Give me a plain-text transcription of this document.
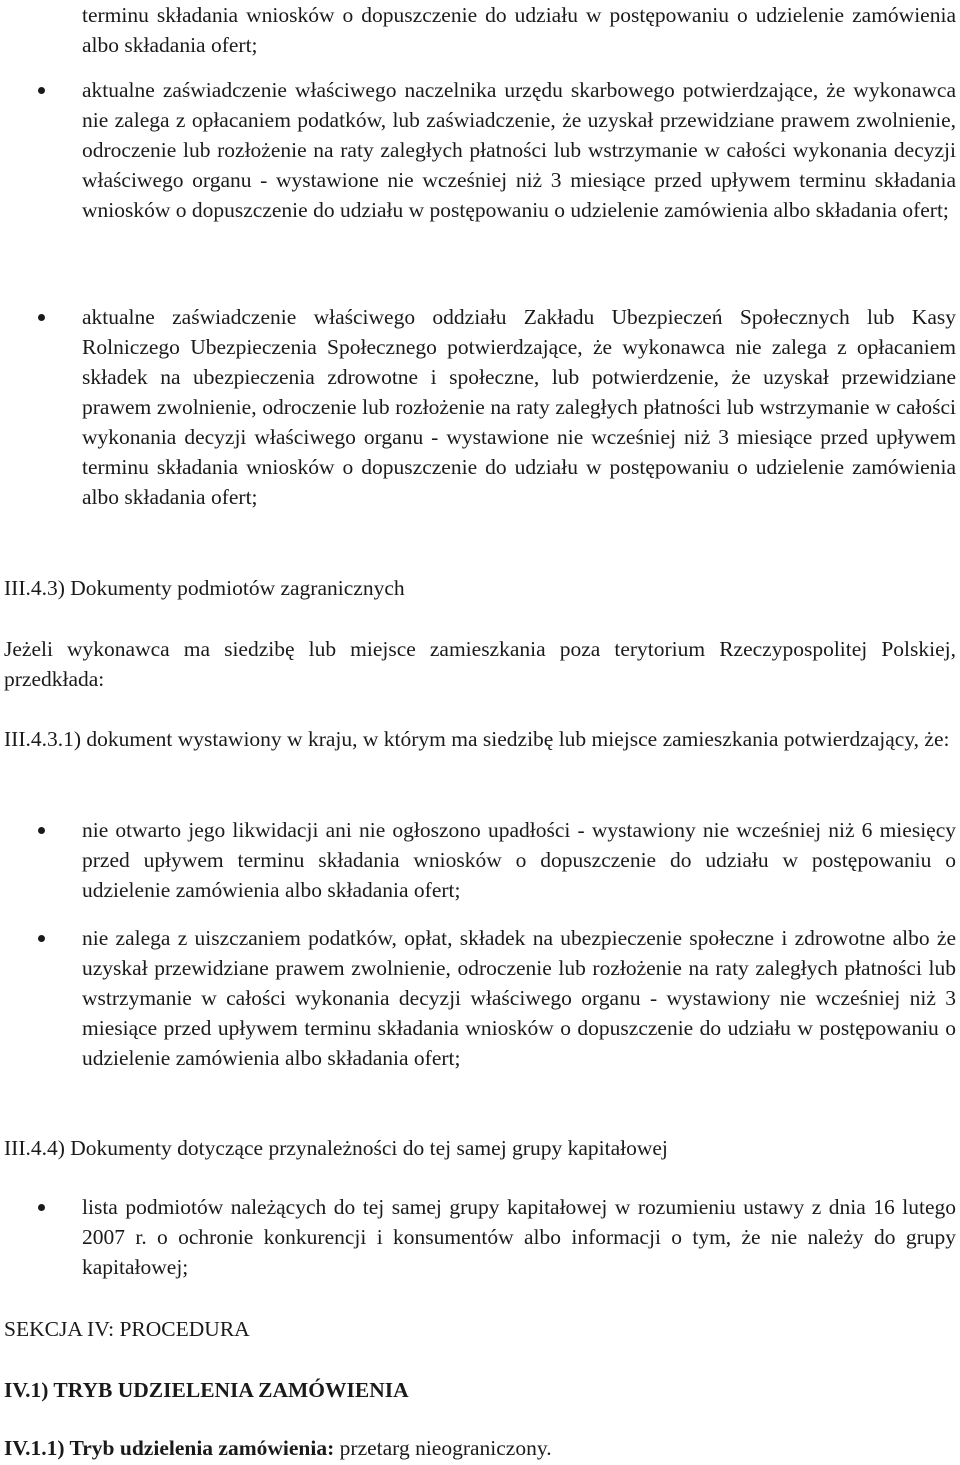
terminu składania wniosków o dopuszczenie do udziału w postępowaniu o udzielenie zamówienia albo składania ofert;
aktualne zaświadczenie właściwego naczelnika urzędu skarbowego potwierdzające, że wykonawca nie zalega z opłacaniem podatków, lub zaświadczenie, że uzyskał przewidziane prawem zwolnienie, odroczenie lub rozłożenie na raty zaległych płatności lub wstrzymanie w całości wykonania decyzji właściwego organu - wystawione nie wcześniej niż 3 miesiące przed upływem terminu składania wniosków o dopuszczenie do udziału w postępowaniu o udzielenie zamówienia albo składania ofert;
aktualne zaświadczenie właściwego oddziału Zakładu Ubezpieczeń Społecznych lub Kasy Rolniczego Ubezpieczenia Społecznego potwierdzające, że wykonawca nie zalega z opłacaniem składek na ubezpieczenia zdrowotne i społeczne, lub potwierdzenie, że uzyskał przewidziane prawem zwolnienie, odroczenie lub rozłożenie na raty zaległych płatności lub wstrzymanie w całości wykonania decyzji właściwego organu - wystawione nie wcześniej niż 3 miesiące przed upływem terminu składania wniosków o dopuszczenie do udziału w postępowaniu o udzielenie zamówienia albo składania ofert;

III.4.3) Dokumenty podmiotów zagranicznych

Jeżeli wykonawca ma siedzibę lub miejsce zamieszkania poza terytorium Rzeczypospolitej Polskiej, przedkłada:

III.4.3.1) dokument wystawiony w kraju, w którym ma siedzibę lub miejsce zamieszkania potwierdzający, że:

nie otwarto jego likwidacji ani nie ogłoszono upadłości - wystawiony nie wcześniej niż 6 miesięcy przed upływem terminu składania wniosków o dopuszczenie do udziału w postępowaniu o udzielenie zamówienia albo składania ofert;
nie zalega z uiszczaniem podatków, opłat, składek na ubezpieczenie społeczne i zdrowotne albo że uzyskał przewidziane prawem zwolnienie, odroczenie lub rozłożenie na raty zaległych płatności lub wstrzymanie w całości wykonania decyzji właściwego organu - wystawiony nie wcześniej niż 3 miesiące przed upływem terminu składania wniosków o dopuszczenie do udziału w postępowaniu o udzielenie zamówienia albo składania ofert;

III.4.4) Dokumenty dotyczące przynależności do tej samej grupy kapitałowej

lista podmiotów należących do tej samej grupy kapitałowej w rozumieniu ustawy z dnia 16 lutego 2007 r. o ochronie konkurencji i konsumentów albo informacji o tym, że nie należy do grupy kapitałowej;

SEKCJA IV: PROCEDURA

IV.1) TRYB UDZIELENIA ZAMÓWIENIA

IV.1.1) Tryb udzielenia zamówienia: przetarg nieograniczony.
